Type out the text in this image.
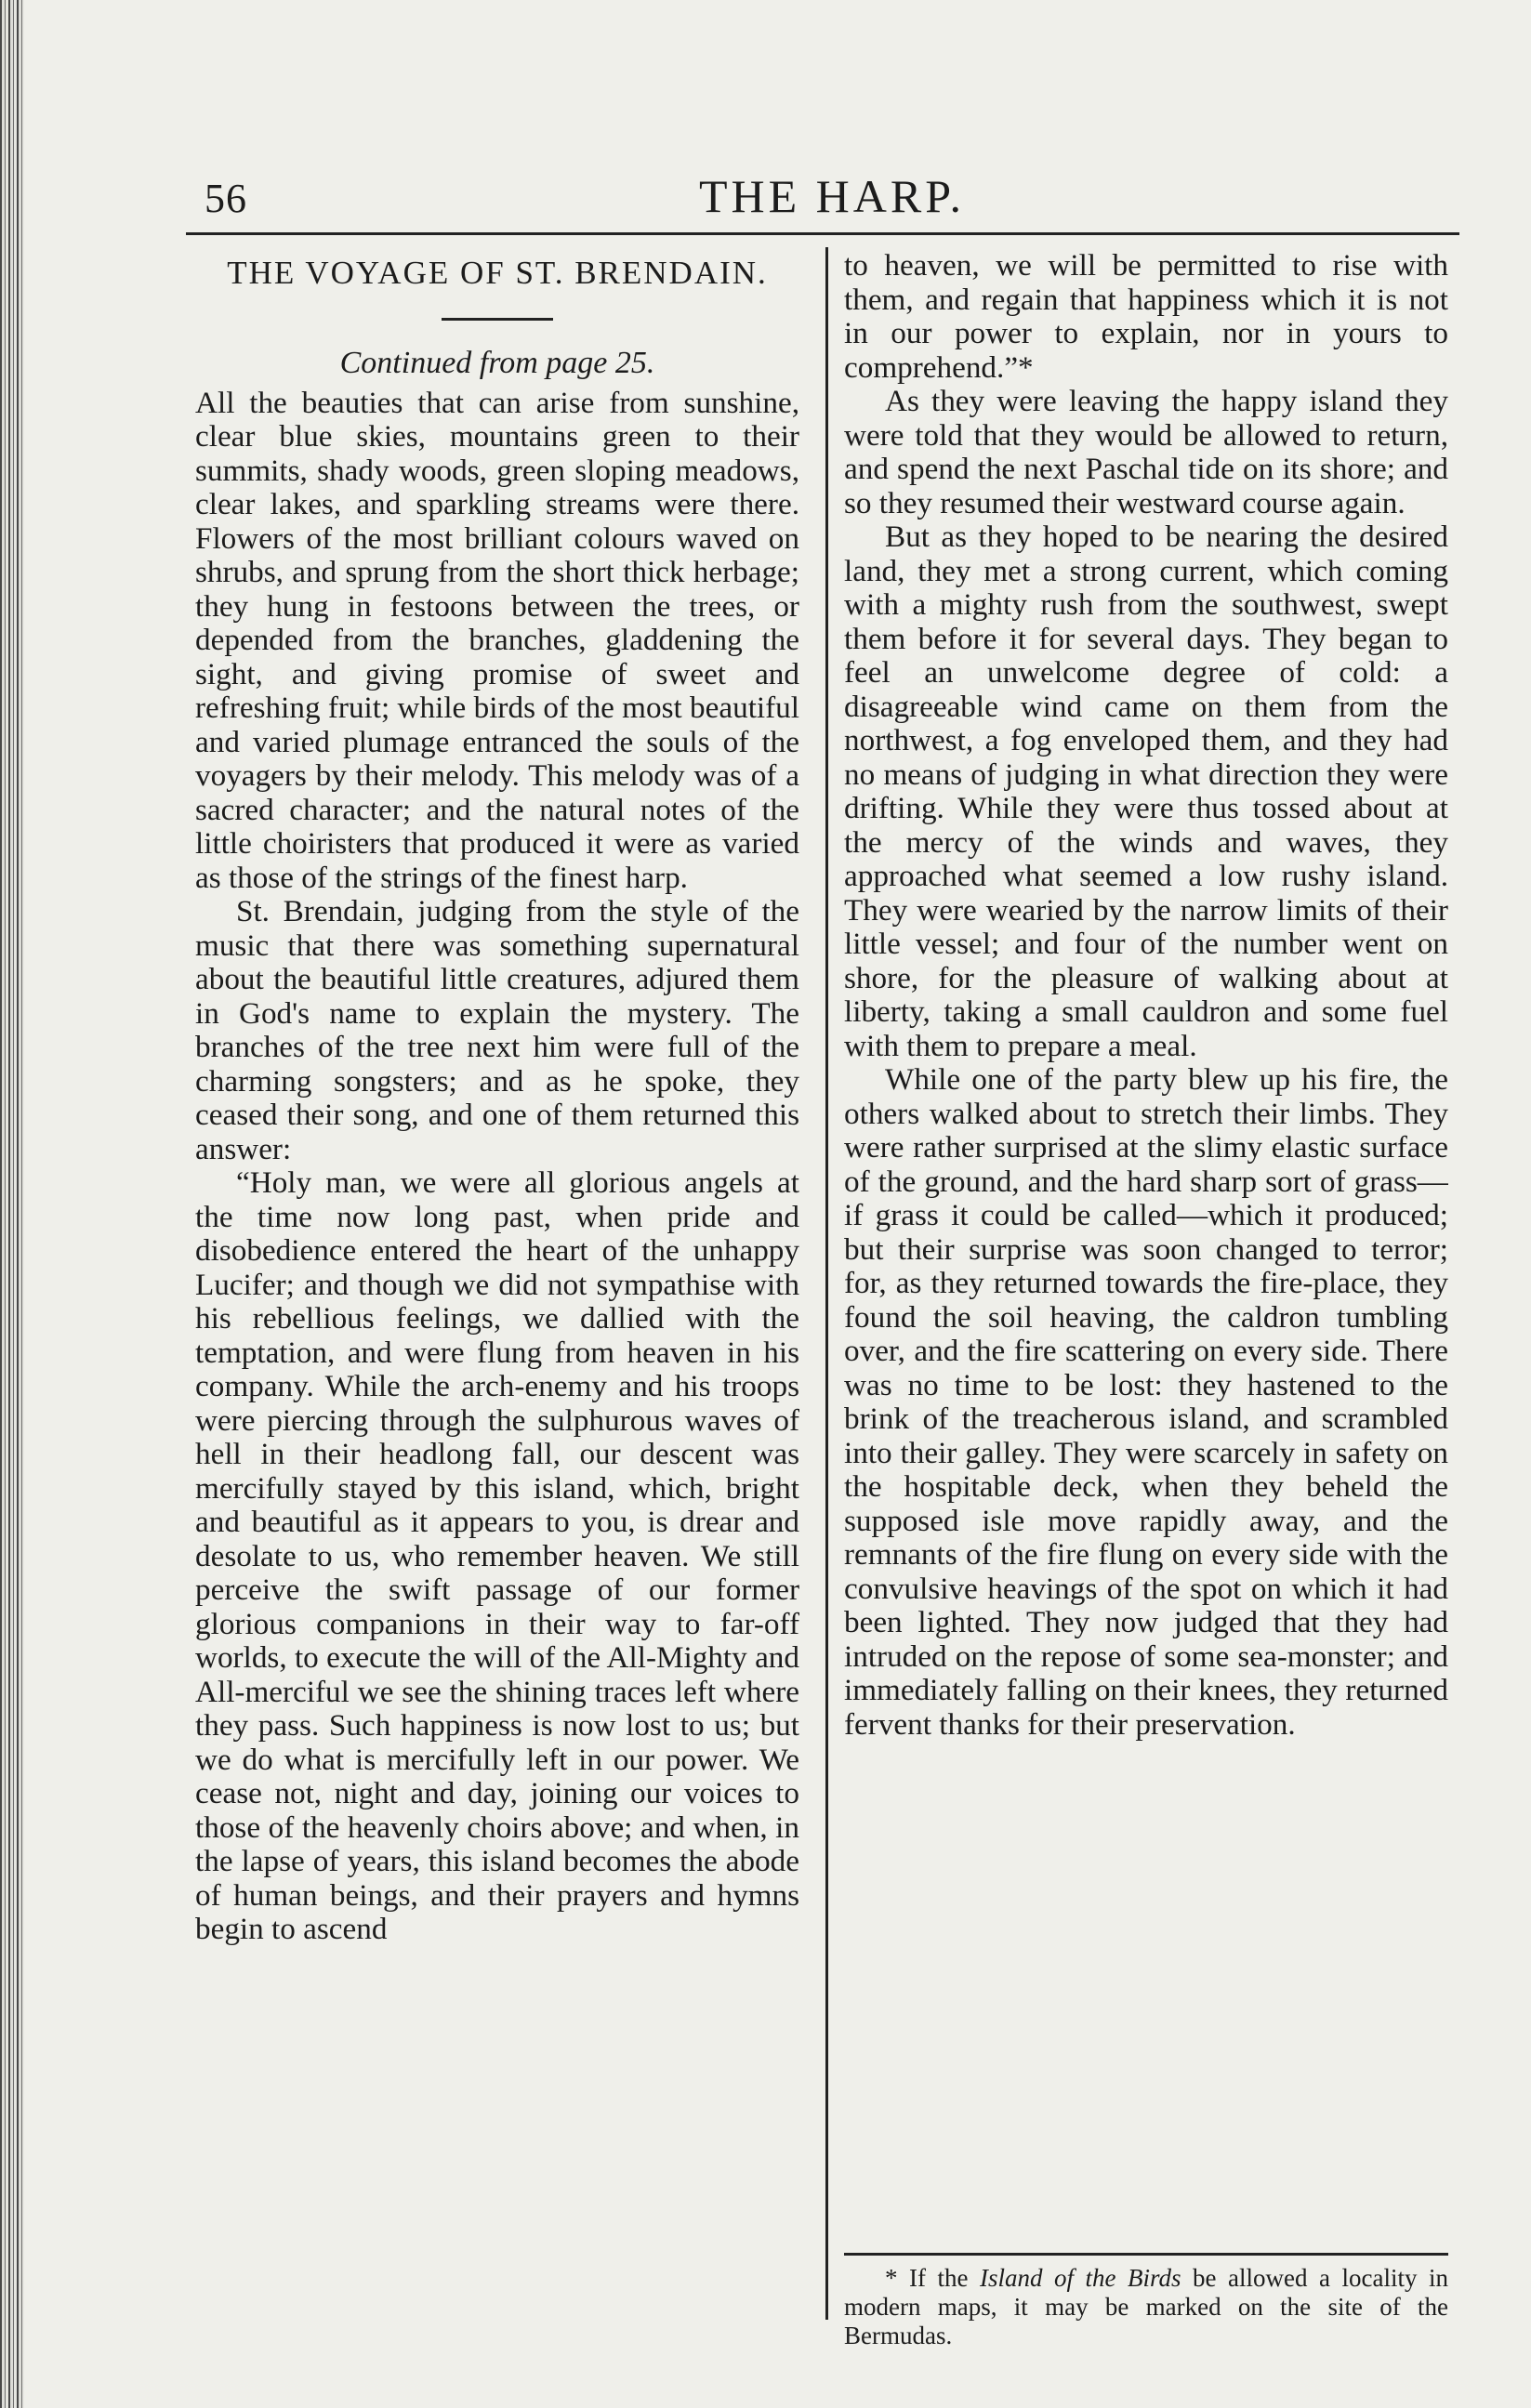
56	THE HARP.
THE VOYAGE OF ST. BRENDAIN.
Continued from page 25.

All the beauties that can arise from sunshine, clear blue skies, mountains green to their summits, shady woods, green sloping meadows, clear lakes, and sparkling streams were there. Flowers of the most brilliant colours waved on shrubs, and sprung from the short thick herbage; they hung in festoons between the trees, or depended from the branches, gladdening the sight, and giving promise of sweet and refreshing fruit; while birds of the most beautiful and varied plumage entranced the souls of the voyagers by their melody. This melody was of a sacred character; and the natural notes of the little choiristers that produced it were as varied as those of the strings of the finest harp.

St. Brendain, judging from the style of the music that there was something supernatural about the beautiful little creatures, adjured them in God's name to explain the mystery. The branches of the tree next him were full of the charming songsters; and as he spoke, they ceased their song, and one of them returned this answer:

“Holy man, we were all glorious angels at the time now long past, when pride and disobedience entered the heart of the unhappy Lucifer; and though we did not sympathise with his rebellious feelings, we dallied with the temptation, and were flung from heaven in his company. While the arch-enemy and his troops were piercing through the sulphurous waves of hell in their headlong fall, our descent was mercifully stayed by this island, which, bright and beautiful as it appears to you, is drear and desolate to us, who remember heaven. We still perceive the swift passage of our former glorious companions in their way to far-off worlds, to execute the will of the All-Mighty and All-merciful we see the shining traces left where they pass. Such happiness is now lost to us; but we do what is mercifully left in our power. We cease not, night and day, joining our voices to those of the heavenly choirs above; and when, in the lapse of years, this island becomes the abode of human beings, and their prayers and hymns begin to ascend

to heaven, we will be permitted to rise with them, and regain that happiness which it is not in our power to explain, nor in yours to comprehend.”*

As they were leaving the happy island they were told that they would be allowed to return, and spend the next Paschal tide on its shore; and so they resumed their westward course again.

But as they hoped to be nearing the desired land, they met a strong current, which coming with a mighty rush from the southwest, swept them before it for several days. They began to feel an unwelcome degree of cold: a disagreeable wind came on them from the northwest, a fog enveloped them, and they had no means of judging in what direction they were drifting. While they were thus tossed about at the mercy of the winds and waves, they approached what seemed a low rushy island. They were wearied by the narrow limits of their little vessel; and four of the number went on shore, for the pleasure of walking about at liberty, taking a small cauldron and some fuel with them to prepare a meal.

While one of the party blew up his fire, the others walked about to stretch their limbs. They were rather surprised at the slimy elastic surface of the ground, and the hard sharp sort of grass—if grass it could be called—which it produced; but their surprise was soon changed to terror; for, as they returned towards the fire-place, they found the soil heaving, the caldron tumbling over, and the fire scattering on every side. There was no time to be lost: they hastened to the brink of the treacherous island, and scrambled into their galley. They were scarcely in safety on the hospitable deck, when they beheld the supposed isle move rapidly away, and the remnants of the fire flung on every side with the convulsive heavings of the spot on which it had been lighted. They now judged that they had intruded on the repose of some sea-monster; and immediately falling on their knees, they returned fervent thanks for their preservation.

* If the Island of the Birds be allowed a locality in modern maps, it may be marked on the site of the Bermudas.
